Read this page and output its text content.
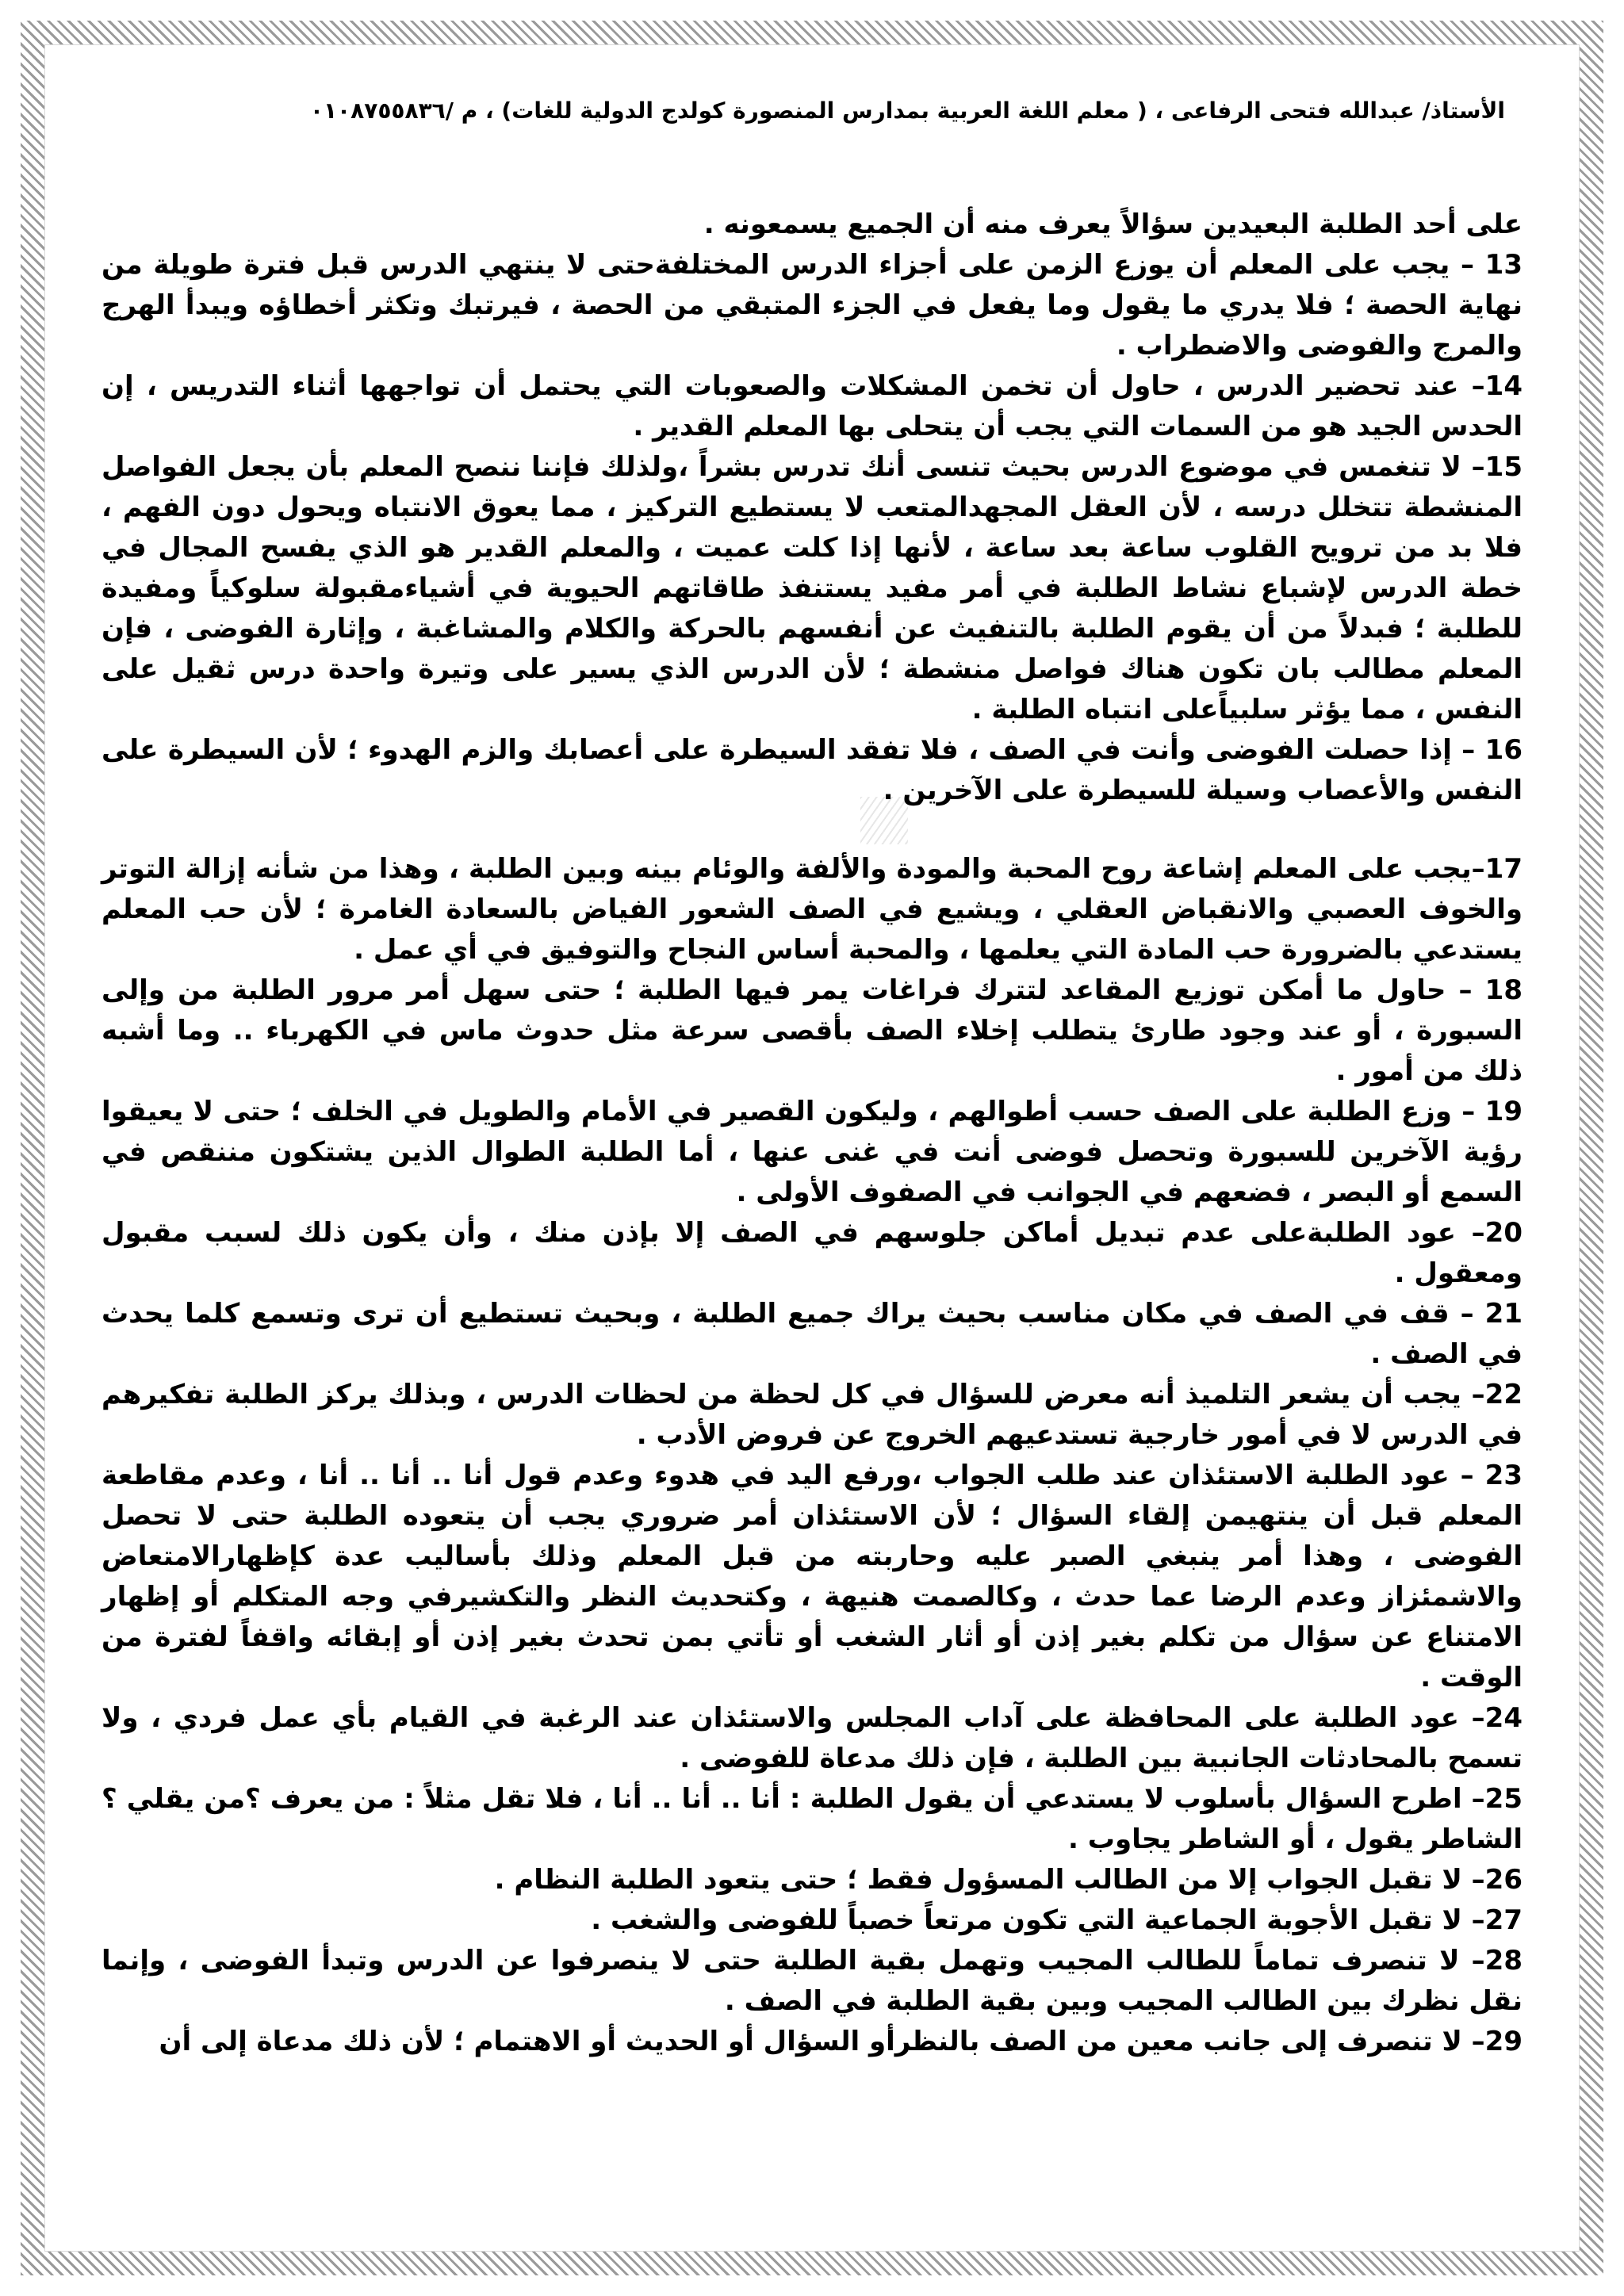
الأستاذ/ عبدالله فتحى الرفاعى ، ( معلم اللغة العربية بمدارس المنصورة كولدج الدولية للغات) ، م /٠١٠٨٧٥٥٨٣٦

على أحد الطلبة البعيدين سؤالاً يعرف منه أن الجميع يسمعونه .

13 – يجب على المعلم أن يوزع الزمن على أجزاء الدرس المختلفةحتى لا ينتهي الدرس قبل فترة طويلة من نهاية الحصة ؛ فلا يدري ما يقول وما يفعل في الجزء المتبقي من الحصة ، فيرتبك وتكثر أخطاؤه ويبدأ الهرج والمرج والفوضى والاضطراب .

14– عند تحضير الدرس ، حاول أن تخمن المشكلات والصعوبات التي يحتمل أن تواجهها أثناء التدريس ، إن الحدس الجيد هو من السمات التي يجب أن يتحلى بها المعلم القدير .

15– لا تنغمس في موضوع الدرس بحيث تنسى أنك تدرس بشراً ،ولذلك فإننا ننصح المعلم بأن يجعل الفواصل المنشطة تتخلل درسه ، لأن العقل المجهدالمتعب لا يستطيع التركيز ، مما يعوق الانتباه ويحول دون الفهم ، فلا بد من ترويح القلوب ساعة بعد ساعة ، لأنها إذا كلت عميت ، والمعلم القدير هو الذي يفسح المجال في خطة الدرس لإشباع نشاط الطلبة في أمر مفيد يستنفذ طاقاتهم الحيوية في أشياءمقبولة سلوكياً ومفيدة للطلبة ؛ فبدلاً من أن يقوم الطلبة بالتنفيث عن أنفسهم بالحركة والكلام والمشاغبة ، وإثارة الفوضى ، فإن المعلم مطالب بان تكون هناك فواصل منشطة ؛ لأن الدرس الذي يسير على وتيرة واحدة درس ثقيل على النفس ، مما يؤثر سلبياًعلى انتباه الطلبة .

16 – إذا حصلت الفوضى وأنت في الصف ، فلا تفقد السيطرة على أعصابك والزم الهدوء ؛ لأن السيطرة على النفس والأعصاب وسيلة للسيطرة على الآخرين .

17–يجب على المعلم إشاعة روح المحبة والمودة والألفة والوئام بينه وبين الطلبة ، وهذا من شأنه إزالة التوتر والخوف العصبي والانقباض العقلي ، ويشيع في الصف الشعور الفياض بالسعادة الغامرة ؛ لأن حب المعلم يستدعي بالضرورة حب المادة التي يعلمها ، والمحبة أساس النجاح والتوفيق في أي عمل .

18 – حاول ما أمكن توزيع المقاعد لتترك فراغات يمر فيها الطلبة ؛ حتى سهل أمر مرور الطلبة من وإلى السبورة ، أو عند وجود طارئ يتطلب إخلاء الصف بأقصى سرعة مثل حدوث ماس في الكهرباء .. وما أشبه ذلك من أمور .

19 – وزع الطلبة على الصف حسب أطوالهم ، وليكون القصير في الأمام والطويل في الخلف ؛ حتى لا يعيقوا رؤية الآخرين للسبورة وتحصل فوضى أنت في غنى عنها ، أما الطلبة الطوال الذين يشتكون مننقص في السمع أو البصر ، فضعهم في الجوانب في الصفوف الأولى .

20– عود الطلبةعلى عدم تبديل أماكن جلوسهم في الصف إلا بإذن منك ، وأن يكون ذلك لسبب مقبول ومعقول .

21 – قف في الصف في مكان مناسب بحيث يراك جميع الطلبة ، وبحيث تستطيع أن ترى وتسمع كلما يحدث في الصف .

22– يجب أن يشعر التلميذ أنه معرض للسؤال في كل لحظة من لحظات الدرس ، وبذلك يركز الطلبة تفكيرهم في الدرس لا في أمور خارجية تستدعيهم الخروج عن فروض الأدب .

23 – عود الطلبة الاستئذان عند طلب الجواب ،ورفع اليد في هدوء وعدم قول أنا .. أنا .. أنا ، وعدم مقاطعة المعلم قبل أن ينتهيمن إلقاء السؤال ؛ لأن الاستئذان أمر ضروري يجب أن يتعوده الطلبة حتى لا تحصل الفوضى ، وهذا أمر ينبغي الصبر عليه وحاربته من قبل المعلم وذلك بأساليب عدة كإظهارالامتعاض والاشمئزاز وعدم الرضا عما حدث ، وكالصمت هنيهة ، وكتحديث النظر والتكشيرفي وجه المتكلم أو إظهار الامتناع عن سؤال من تكلم بغير إذن أو أثار الشغب أو تأتي بمن تحدث بغير إذن أو إبقائه واقفاً لفترة من الوقت .

24– عود الطلبة على المحافظة على آداب المجلس والاستئذان عند الرغبة في القيام بأي عمل فردي ، ولا تسمح بالمحادثات الجانبية بين الطلبة ، فإن ذلك مدعاة للفوضى .

25– اطرح السؤال بأسلوب لا يستدعي أن يقول الطلبة : أنا .. أنا .. أنا ، فلا تقل مثلاً : من يعرف ؟من يقلي ؟ الشاطر يقول ، أو الشاطر يجاوب .

26– لا تقبل الجواب إلا من الطالب المسؤول فقط ؛ حتى يتعود الطلبة النظام .

27– لا تقبل الأجوبة الجماعية التي تكون مرتعاً خصباً للفوضى والشغب .

28– لا تنصرف تماماً للطالب المجيب وتهمل بقية الطلبة حتى لا ينصرفوا عن الدرس وتبدأ الفوضى ، وإنما نقل نظرك بين الطالب المجيب وبين بقية الطلبة في الصف .

29– لا تنصرف إلى جانب معين من الصف بالنظرأو السؤال أو الحديث أو الاهتمام ؛ لأن ذلك مدعاة إلى أن
